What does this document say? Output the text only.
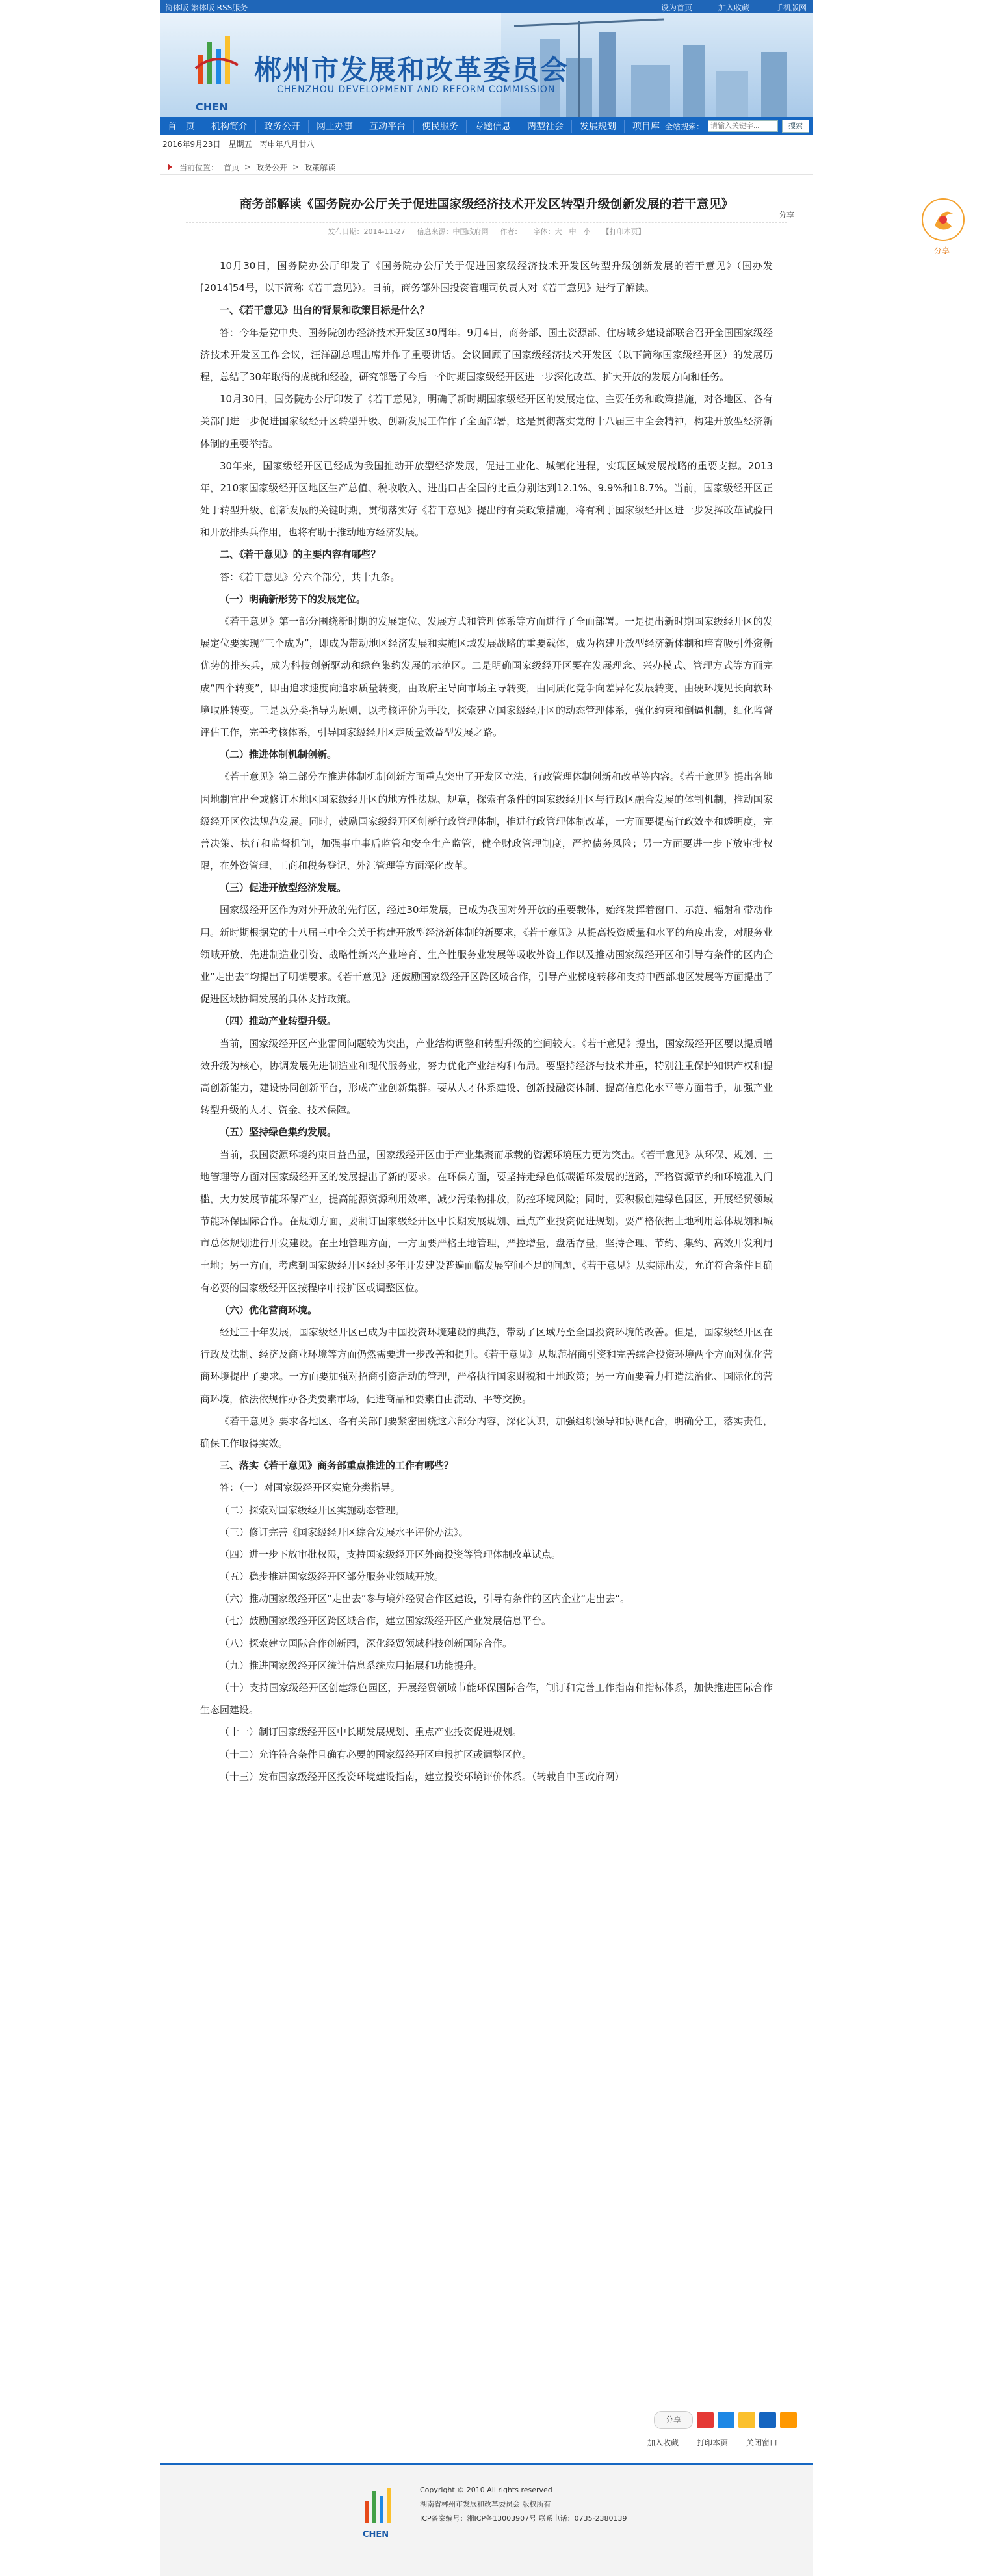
简体版 繁体版 RSS服务	设为首页	加入收藏	手机版网
CHEN
郴州市发展和改革委员会
CHENZHOU DEVELOPMENT AND REFORM COMMISSION
首　页	机构简介	政务公开	网上办事	互动平台	便民服务	专题信息	两型社会	发展规划	项目库 全站搜索：
请输入关键字...	搜索
2016年9月23日　星期五　丙申年八月廿八
当前位置： 首页 > 政务公开 > 政策解读
商务部解读《国务院办公厅关于促进国家级经济技术开发区转型升级创新发展的若干意见》
发布日期：2014-11-27 信息来源：中国政府网 作者： 字体：大　中　小 【打印本页】

10月30日，国务院办公厅印发了《国务院办公厅关于促进国家级经济技术开发区转型升级创新发展的若干意见》（国办发[2014]54号，以下简称《若干意见》）。日前，商务部外国投资管理司负责人对《若干意见》进行了解读。

一、《若干意见》出台的背景和政策目标是什么？

答：今年是党中央、国务院创办经济技术开发区30周年。9月4日，商务部、国土资源部、住房城乡建设部联合召开全国国家级经济技术开发区工作会议，汪洋副总理出席并作了重要讲话。会议回顾了国家级经济技术开发区（以下简称国家级经开区）的发展历程，总结了30年取得的成就和经验，研究部署了今后一个时期国家级经开区进一步深化改革、扩大开放的发展方向和任务。

10月30日，国务院办公厅印发了《若干意见》，明确了新时期国家级经开区的发展定位、主要任务和政策措施，对各地区、各有关部门进一步促进国家级经开区转型升级、创新发展工作作了全面部署，这是贯彻落实党的十八届三中全会精神，构建开放型经济新体制的重要举措。

30年来，国家级经开区已经成为我国推动开放型经济发展，促进工业化、城镇化进程，实现区域发展战略的重要支撑。2013年，210家国家级经开区地区生产总值、税收收入、进出口占全国的比重分别达到12.1%、9.9%和18.7%。当前，国家级经开区正处于转型升级、创新发展的关键时期，贯彻落实好《若干意见》提出的有关政策措施，将有利于国家级经开区进一步发挥改革试验田和开放排头兵作用，也将有助于推动地方经济发展。

二、《若干意见》的主要内容有哪些？

答：《若干意见》分六个部分，共十九条。

（一）明确新形势下的发展定位。

《若干意见》第一部分围绕新时期的发展定位、发展方式和管理体系等方面进行了全面部署。一是提出新时期国家级经开区的发展定位要实现“三个成为”，即成为带动地区经济发展和实施区域发展战略的重要载体，成为构建开放型经济新体制和培育吸引外资新优势的排头兵，成为科技创新驱动和绿色集约发展的示范区。二是明确国家级经开区要在发展理念、兴办模式、管理方式等方面完成“四个转变”，即由追求速度向追求质量转变，由政府主导向市场主导转变，由同质化竞争向差异化发展转变，由硬环境见长向软环境取胜转变。三是以分类指导为原则，以考核评价为手段，探索建立国家级经开区的动态管理体系，强化约束和倒逼机制，细化监督评估工作，完善考核体系，引导国家级经开区走质量效益型发展之路。

（二）推进体制机制创新。

《若干意见》第二部分在推进体制机制创新方面重点突出了开发区立法、行政管理体制创新和改革等内容。《若干意见》提出各地因地制宜出台或修订本地区国家级经开区的地方性法规、规章，探索有条件的国家级经开区与行政区融合发展的体制机制，推动国家级经开区依法规范发展。同时，鼓励国家级经开区创新行政管理体制，推进行政管理体制改革，一方面要提高行政效率和透明度，完善决策、执行和监督机制，加强事中事后监管和安全生产监管，健全财政管理制度，严控债务风险；另一方面要进一步下放审批权限，在外资管理、工商和税务登记、外汇管理等方面深化改革。

（三）促进开放型经济发展。

国家级经开区作为对外开放的先行区，经过30年发展，已成为我国对外开放的重要载体，始终发挥着窗口、示范、辐射和带动作用。新时期根据党的十八届三中全会关于构建开放型经济新体制的新要求，《若干意见》从提高投资质量和水平的角度出发，对服务业领域开放、先进制造业引资、战略性新兴产业培育、生产性服务业发展等吸收外资工作以及推动国家级经开区和引导有条件的区内企业“走出去”均提出了明确要求。《若干意见》还鼓励国家级经开区跨区域合作，引导产业梯度转移和支持中西部地区发展等方面提出了促进区域协调发展的具体支持政策。

（四）推动产业转型升级。

当前，国家级经开区产业雷同问题较为突出，产业结构调整和转型升级的空间较大。《若干意见》提出，国家级经开区要以提质增效升级为核心，协调发展先进制造业和现代服务业，努力优化产业结构和布局。要坚持经济与技术并重，特别注重保护知识产权和提高创新能力，建设协同创新平台，形成产业创新集群。要从人才体系建设、创新投融资体制、提高信息化水平等方面着手，加强产业转型升级的人才、资金、技术保障。

（五）坚持绿色集约发展。

当前，我国资源环境约束日益凸显，国家级经开区由于产业集聚而承载的资源环境压力更为突出。《若干意见》从环保、规划、土地管理等方面对国家级经开区的发展提出了新的要求。在环保方面，要坚持走绿色低碳循环发展的道路，严格资源节约和环境准入门槛，大力发展节能环保产业，提高能源资源利用效率，减少污染物排放，防控环境风险；同时，要积极创建绿色园区，开展经贸领域节能环保国际合作。在规划方面，要制订国家级经开区中长期发展规划、重点产业投资促进规划。要严格依据土地利用总体规划和城市总体规划进行开发建设。在土地管理方面，一方面要严格土地管理，严控增量，盘活存量，坚持合理、节约、集约、高效开发利用土地；另一方面，考虑到国家级经开区经过多年开发建设普遍面临发展空间不足的问题，《若干意见》从实际出发，允许符合条件且确有必要的国家级经开区按程序申报扩区或调整区位。

（六）优化营商环境。

经过三十年发展，国家级经开区已成为中国投资环境建设的典范，带动了区域乃至全国投资环境的改善。但是，国家级经开区在行政及法制、经济及商业环境等方面仍然需要进一步改善和提升。《若干意见》从规范招商引资和完善综合投资环境两个方面对优化营商环境提出了要求。一方面要加强对招商引资活动的管理，严格执行国家财税和土地政策；另一方面要着力打造法治化、国际化的营商环境，依法依规作办各类要素市场，促进商品和要素自由流动、平等交换。

《若干意见》要求各地区、各有关部门要紧密围绕这六部分内容，深化认识，加强组织领导和协调配合，明确分工，落实责任，确保工作取得实效。

三、落实《若干意见》商务部重点推进的工作有哪些？

答：（一）对国家级经开区实施分类指导。

（二）探索对国家级经开区实施动态管理。

（三）修订完善《国家级经开区综合发展水平评价办法》。

（四）进一步下放审批权限，支持国家级经开区外商投资等管理体制改革试点。

（五）稳步推进国家级经开区部分服务业领域开放。

（六）推动国家级经开区“走出去”参与境外经贸合作区建设，引导有条件的区内企业“走出去”。

（七）鼓励国家级经开区跨区域合作，建立国家级经开区产业发展信息平台。

（八）探索建立国际合作创新园，深化经贸领域科技创新国际合作。

（九）推进国家级经开区统计信息系统应用拓展和功能提升。

（十）支持国家级经开区创建绿色园区，开展经贸领域节能环保国际合作，制订和完善工作指南和指标体系，加快推进国际合作生态园建设。

（十一）制订国家级经开区中长期发展规划、重点产业投资促进规划。

（十二）允许符合条件且确有必要的国家级经开区申报扩区或调整区位。

（十三）发布国家级经开区投资环境建设指南，建立投资环境评价体系。（转载自中国政府网）

分享
分享
分享
加入收藏 打印本页 关闭窗口
CHEN
Copyright © 2010 All rights reserved
湖南省郴州市发展和改革委员会 版权所有
ICP备案编号：湘ICP备13003907号 联系电话：0735-2380139
